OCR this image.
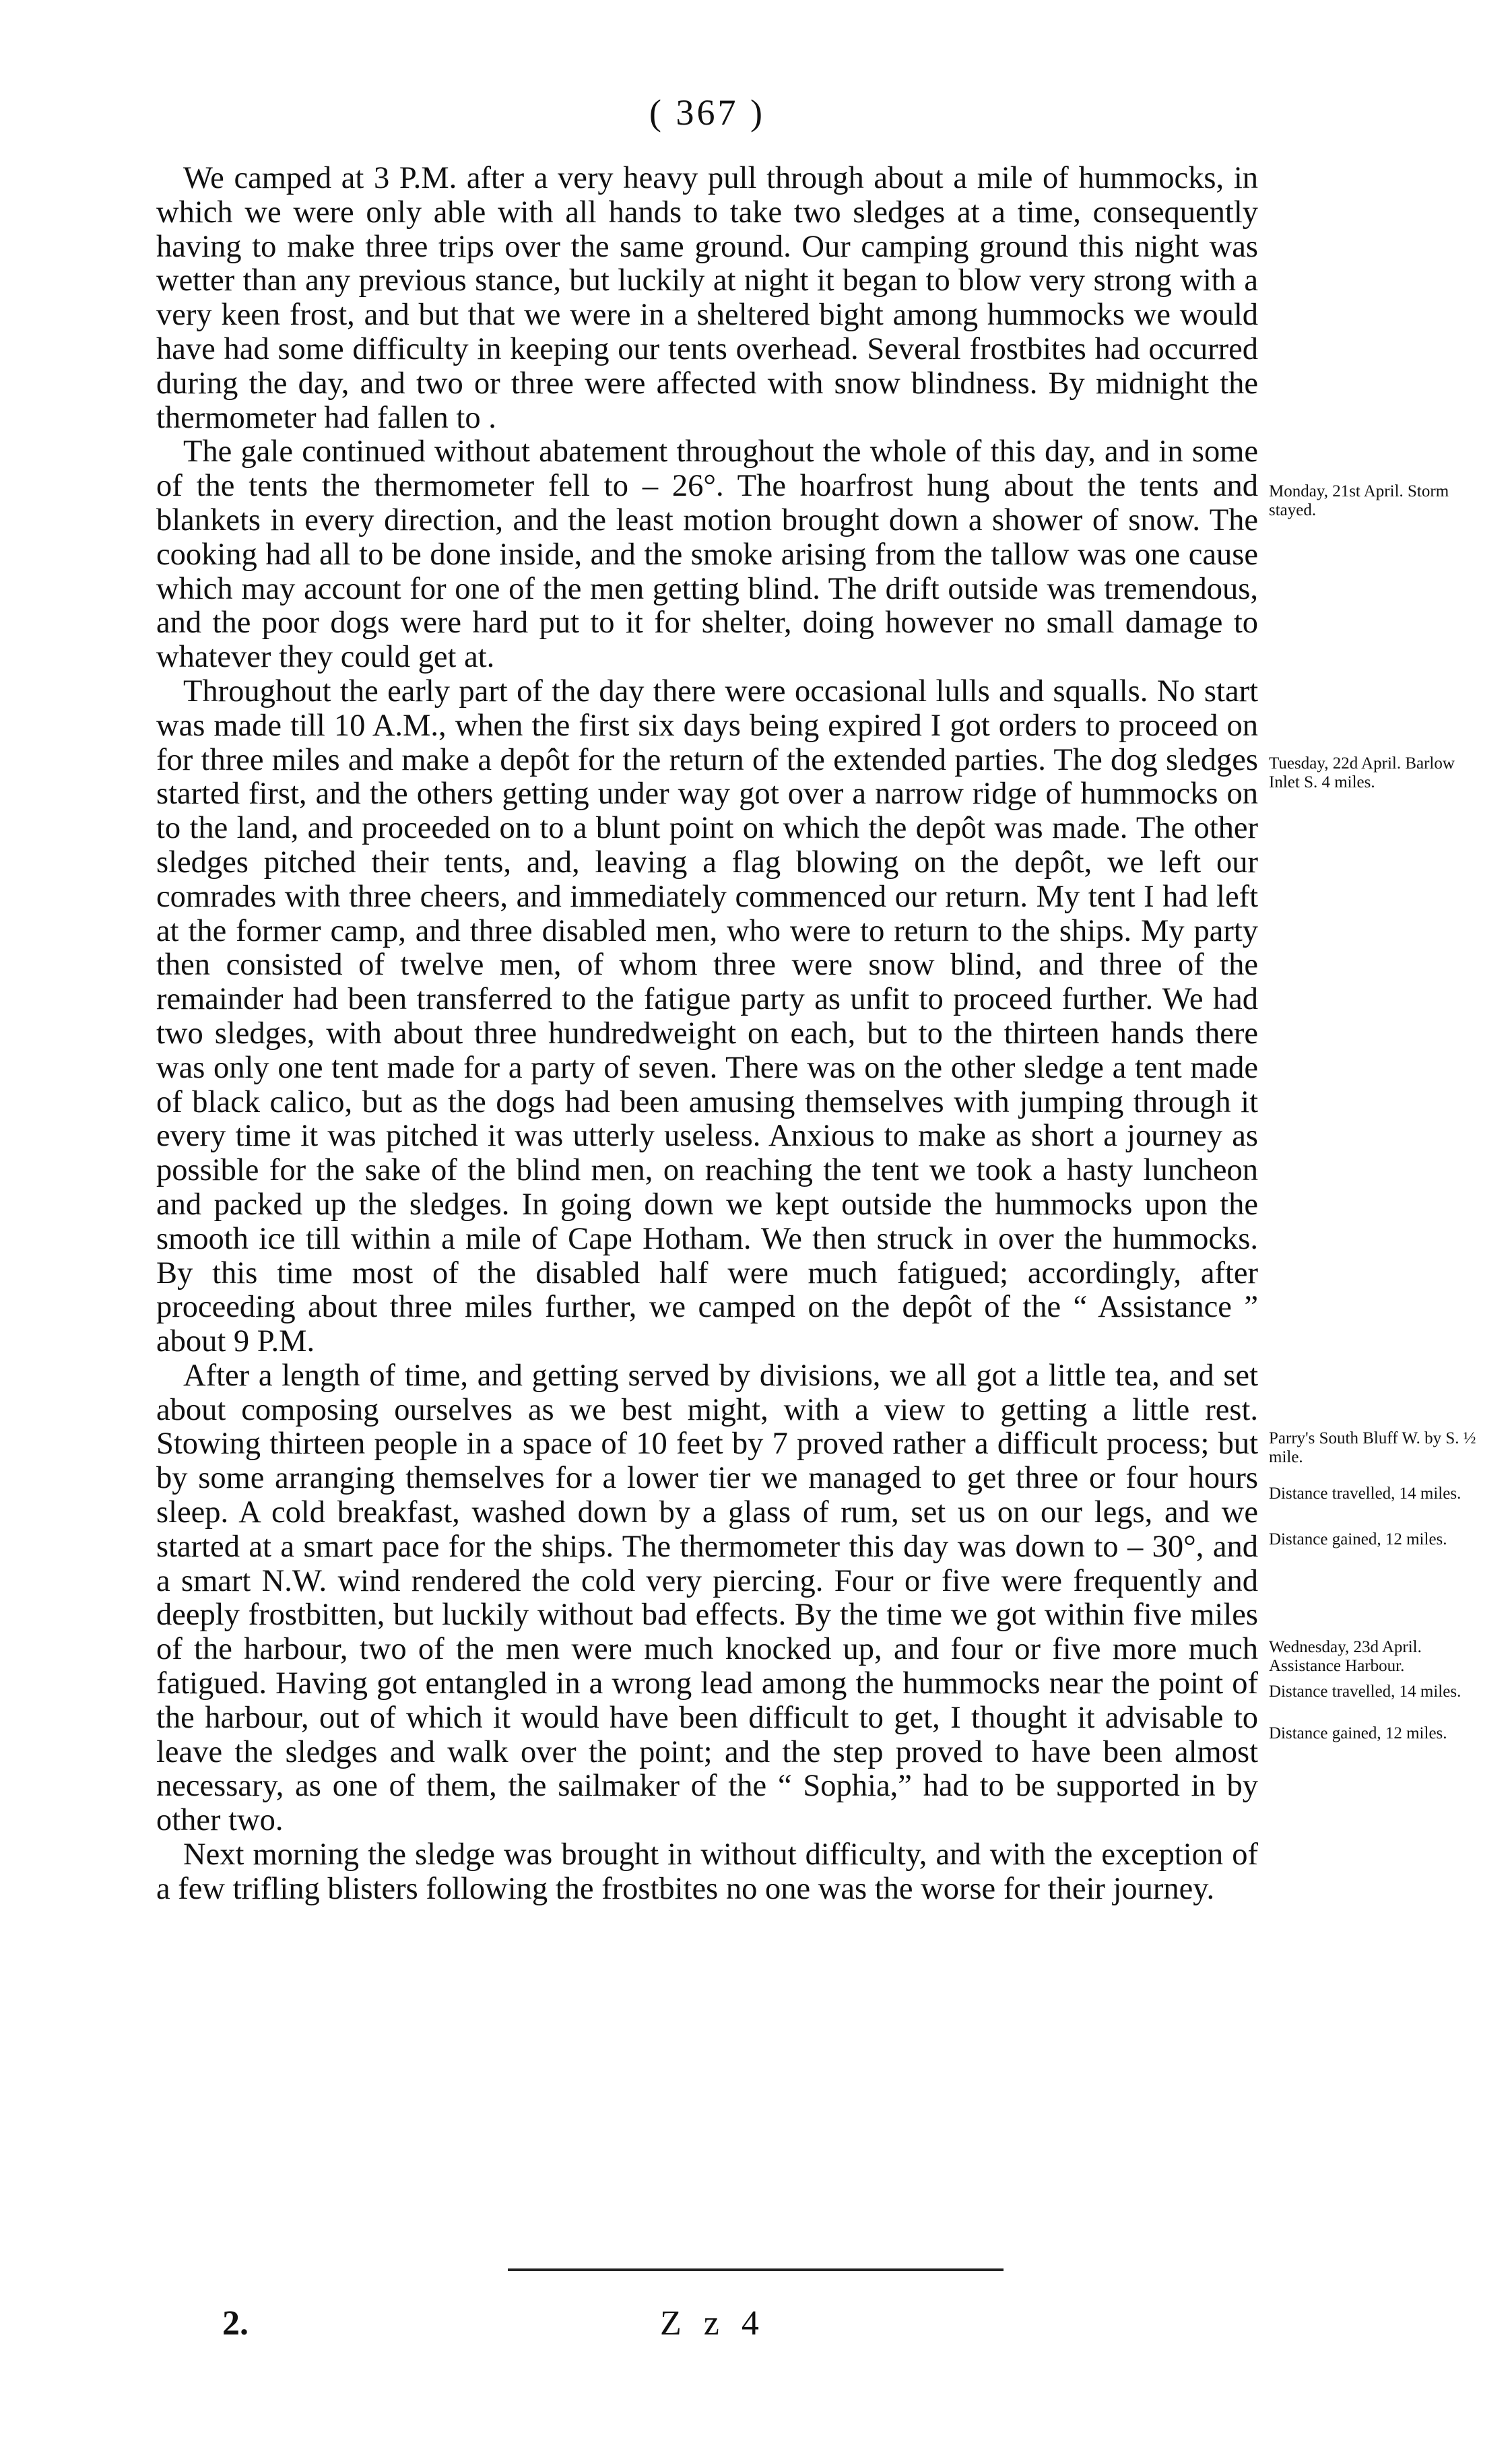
( 367 )

We camped at 3 P.M. after a very heavy pull through about a mile of hummocks, in which we were only able with all hands to take two sledges at a time, consequently having to make three trips over the same ground. Our camping ground this night was wetter than any previous stance, but luckily at night it began to blow very strong with a very keen frost, and but that we were in a sheltered bight among hummocks we would have had some difficulty in keeping our tents overhead. Several frostbites had occurred during the day, and two or three were affected with snow blindness. By midnight the thermometer had fallen to .

The gale continued without abatement throughout the whole of this day, and in some of the tents the thermometer fell to – 26°. The hoarfrost hung about the tents and blankets in every direction, and the least motion brought down a shower of snow. The cooking had all to be done inside, and the smoke arising from the tallow was one cause which may account for one of the men getting blind. The drift outside was tremendous, and the poor dogs were hard put to it for shelter, doing however no small damage to whatever they could get at.

Throughout the early part of the day there were occasional lulls and squalls. No start was made till 10 A.M., when the first six days being expired I got orders to proceed on for three miles and make a depôt for the return of the extended parties. The dog sledges started first, and the others getting under way got over a narrow ridge of hummocks on to the land, and proceeded on to a blunt point on which the depôt was made. The other sledges pitched their tents, and, leaving a flag blowing on the depôt, we left our comrades with three cheers, and immediately commenced our return. My tent I had left at the former camp, and three disabled men, who were to return to the ships. My party then consisted of twelve men, of whom three were snow blind, and three of the remainder had been transferred to the fatigue party as unfit to proceed further. We had two sledges, with about three hundredweight on each, but to the thirteen hands there was only one tent made for a party of seven. There was on the other sledge a tent made of black calico, but as the dogs had been amusing themselves with jumping through it every time it was pitched it was utterly useless. Anxious to make as short a journey as possible for the sake of the blind men, on reaching the tent we took a hasty luncheon and packed up the sledges. In going down we kept outside the hummocks upon the smooth ice till within a mile of Cape Hotham. We then struck in over the hummocks. By this time most of the disabled half were much fatigued; accordingly, after proceeding about three miles further, we camped on the depôt of the “ Assistance ” about 9 P.M.

After a length of time, and getting served by divisions, we all got a little tea, and set about composing ourselves as we best might, with a view to getting a little rest. Stowing thirteen people in a space of 10 feet by 7 proved rather a difficult process; but by some arranging themselves for a lower tier we managed to get three or four hours sleep. A cold breakfast, washed down by a glass of rum, set us on our legs, and we started at a smart pace for the ships. The thermometer this day was down to – 30°, and a smart N.W. wind rendered the cold very piercing. Four or five were frequently and deeply frostbitten, but luckily without bad effects. By the time we got within five miles of the harbour, two of the men were much knocked up, and four or five more much fatigued. Having got entangled in a wrong lead among the hummocks near the point of the harbour, out of which it would have been difficult to get, I thought it advisable to leave the sledges and walk over the point; and the step proved to have been almost necessary, as one of them, the sailmaker of the “ Sophia,” had to be supported in by other two.

Next morning the sledge was brought in without difficulty, and with the exception of a few trifling blisters following the frostbites no one was the worse for their journey.

Monday, 21st April. Storm stayed.
Tuesday, 22d April. Barlow Inlet S. 4 miles.
Parry's South Bluff W. by S. ½ mile.
Distance travelled, 14 miles.
Distance gained, 12 miles.
Wednesday, 23d April. Assistance Harbour.
Distance travelled, 14 miles.
Distance gained, 12 miles.
2.	Z z 4
